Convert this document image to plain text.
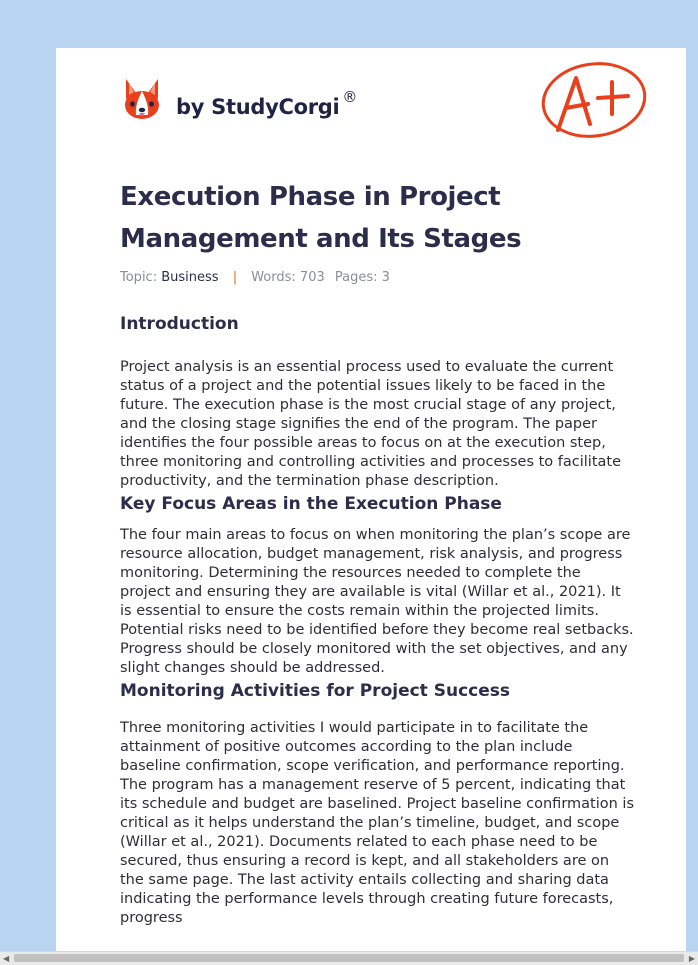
by StudyCorgi ®
Execution Phase in Project Management and Its Stages
Topic: Business | Words: 703 Pages: 3
Introduction

Project analysis is an essential process used to evaluate the current status of a project and the potential issues likely to be faced in the future. The execution phase is the most crucial stage of any project, and the closing stage signifies the end of the program. The paper identifies the four possible areas to focus on at the execution step, three monitoring and controlling activities and processes to facilitate productivity, and the termination phase description.

Key Focus Areas in the Execution Phase

The four main areas to focus on when monitoring the plan’s scope are resource allocation, budget management, risk analysis, and progress monitoring. Determining the resources needed to complete the project and ensuring they are available is vital (Willar et al., 2021). It is essential to ensure the costs remain within the projected limits. Potential risks need to be identified before they become real setbacks. Progress should be closely monitored with the set objectives, and any slight changes should be addressed.

Monitoring Activities for Project Success

Three monitoring activities I would participate in to facilitate the attainment of positive outcomes according to the plan include baseline confirmation, scope verification, and performance reporting. The program has a management reserve of 5 percent, indicating that its schedule and budget are baselined. Project baseline confirmation is critical as it helps understand the plan’s timeline, budget, and scope (Willar et al., 2021). Documents related to each phase need to be secured, thus ensuring a record is kept, and all stakeholders are on the same page. The last activity entails collecting and sharing data indicating the performance levels through creating future forecasts, progress

◀	▶
